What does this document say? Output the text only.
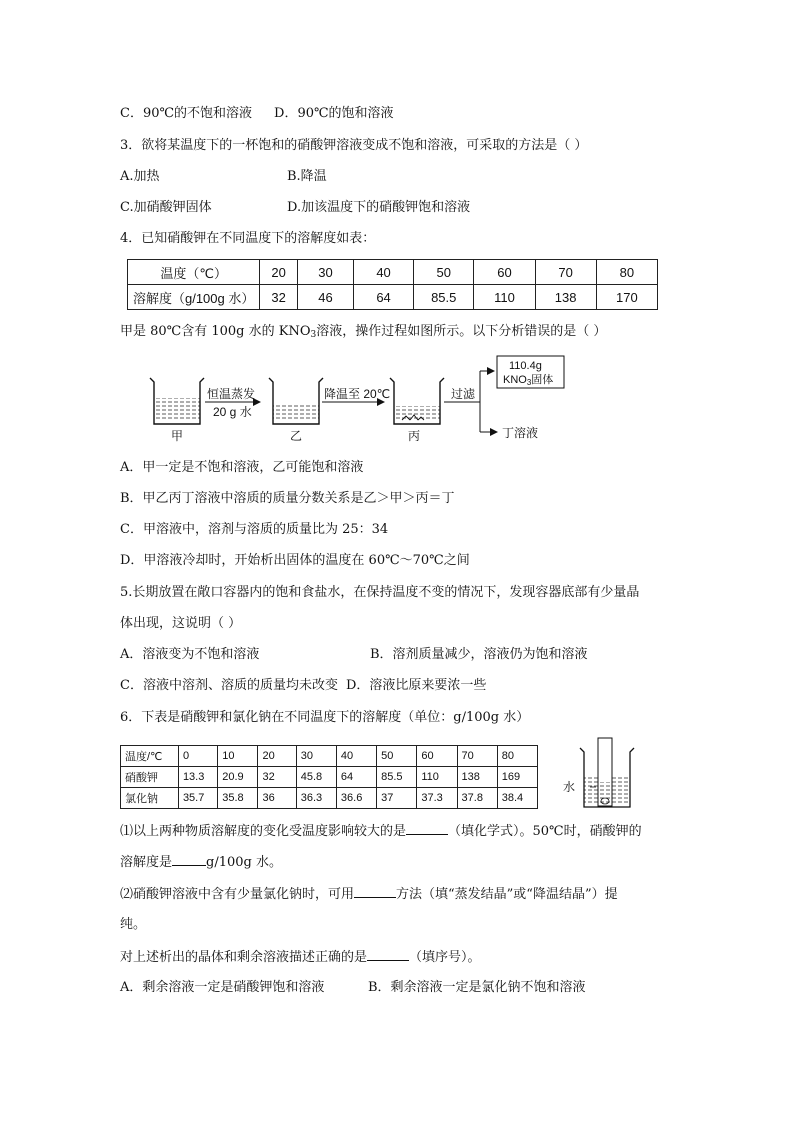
C．90℃的不饱和溶液 D．90℃的饱和溶液
3．欲将某温度下的一杯饱和的硝酸钾溶液变成不饱和溶液，可采取的方法是（ ）
A.加热	B.降温
C.加硝酸钾固体	D.加该温度下的硝酸钾饱和溶液
4．已知硝酸钾在不同温度下的溶解度如表：
温度（℃）	20	30	40	50	60	70	80
溶解度（g/100g 水）	32	46	64	85.5	110	138	170
甲是 80℃含有 100g 水的 $KNO_3$溶液，操作过程如图所示。以下分析错误的是（ ）
甲
恒温蒸发
20 g 水
乙
降温至 20℃
丙
过滤
110.4g
KNO3固体
丁溶液
A．甲一定是不饱和溶液，乙可能饱和溶液
B．甲乙丙丁溶液中溶质的质量分数关系是乙＞甲＞丙＝丁
C．甲溶液中，溶剂与溶质的质量比为 25：34
D．甲溶液冷却时，开始析出固体的温度在 60℃～70℃之间
5.长期放置在敞口容器内的饱和食盐水，在保持温度不变的情况下，发现容器底部有少量晶
体出现，这说明（ ）
A．溶液变为不饱和溶液	B．溶剂质量减少，溶液仍为饱和溶液
C．溶液中溶剂、溶质的质量均未改变 D．溶液比原来要浓一些
6．下表是硝酸钾和氯化钠在不同温度下的溶解度（单位：g/100g 水）
温度/℃	0	10	20	30	40	50	60	70	80
硝酸钾	13.3	20.9	32	45.8	64	85.5	110	138	169
氯化钠	35.7	35.8	36	36.3	36.6	37	37.3	37.8	38.4
水
⑴以上两种物质溶解度的变化受温度影响较大的是	（填化学式）。50℃时，硝酸钾的
溶解度是	g/100g 水。
⑵硝酸钾溶液中含有少量氯化钠时，可用	方法（填“蒸发结晶”或“降温结晶”）提
纯。
对上述析出的晶体和剩余溶液描述正确的是	（填序号）。
A．剩余溶液一定是硝酸钾饱和溶液	B．剩余溶液一定是氯化钠不饱和溶液
